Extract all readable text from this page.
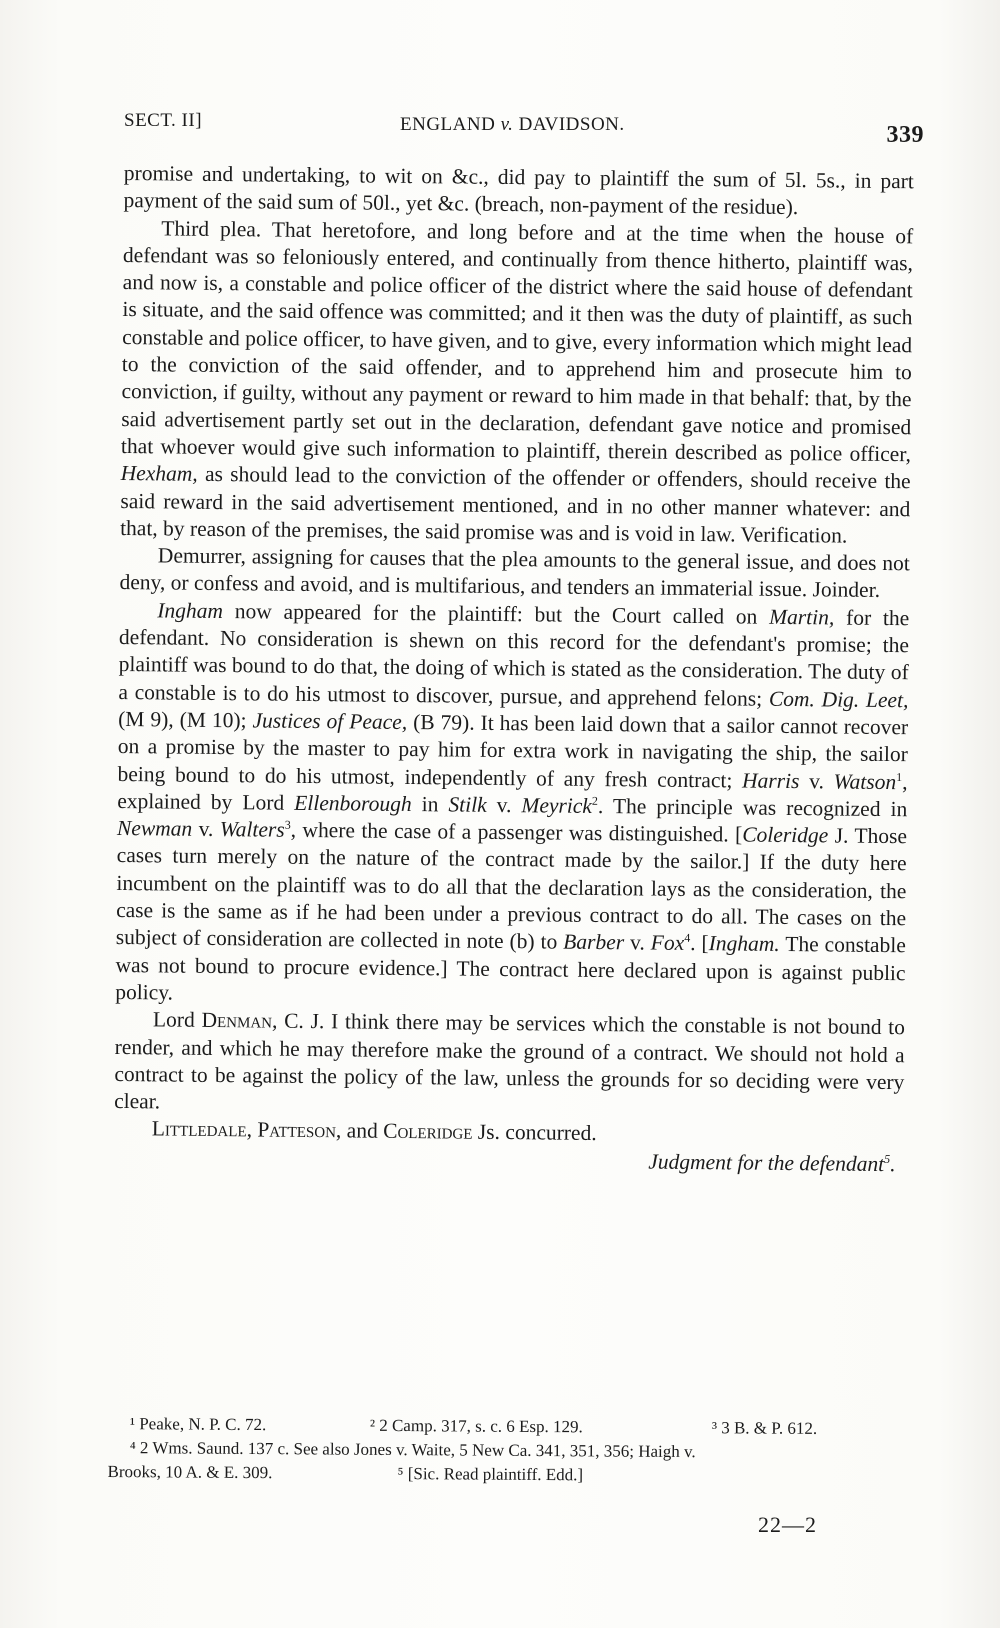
SECT. II]	ENGLAND v. DAVIDSON.	339

promise and undertaking, to wit on &c., did pay to plaintiff the sum of 5l. 5s., in part payment of the said sum of 50l., yet &c. (breach, non-payment of the residue).

Third plea. That heretofore, and long before and at the time when the house of defendant was so feloniously entered, and continually from thence hitherto, plaintiff was, and now is, a constable and police officer of the district where the said house of defendant is situate, and the said offence was committed; and it then was the duty of plaintiff, as such constable and police officer, to have given, and to give, every information which might lead to the conviction of the said offender, and to apprehend him and prosecute him to conviction, if guilty, without any payment or reward to him made in that behalf: that, by the said advertisement partly set out in the declaration, defendant gave notice and promised that whoever would give such information to plaintiff, therein described as police officer, Hexham, as should lead to the conviction of the offender or offenders, should receive the said reward in the said advertisement mentioned, and in no other manner whatever: and that, by reason of the premises, the said promise was and is void in law. Verification.

Demurrer, assigning for causes that the plea amounts to the general issue, and does not deny, or confess and avoid, and is multifarious, and tenders an immaterial issue. Joinder.

Ingham now appeared for the plaintiff: but the Court called on Martin, for the defendant. No consideration is shewn on this record for the defendant's promise; the plaintiff was bound to do that, the doing of which is stated as the consideration. The duty of a constable is to do his utmost to discover, pursue, and apprehend felons; Com. Dig. Leet, (M 9), (M 10); Justices of Peace, (B 79). It has been laid down that a sailor cannot recover on a promise by the master to pay him for extra work in navigating the ship, the sailor being bound to do his utmost, independently of any fresh contract; Harris v. Watson$^1$, explained by Lord Ellenborough in Stilk v. Meyrick$^2$. The principle was recognized in Newman v. Walters$^3$, where the case of a passenger was distinguished. [Coleridge J. Those cases turn merely on the nature of the contract made by the sailor.] If the duty here incumbent on the plaintiff was to do all that the declaration lays as the consideration, the case is the same as if he had been under a previous contract to do all. The cases on the subject of consideration are collected in note (b) to Barber v. Fox$^4$. [Ingham. The constable was not bound to procure evidence.] The contract here declared upon is against public policy.

Lord Denman, C. J. I think there may be services which the constable is not bound to render, and which he may therefore make the ground of a contract. We should not hold a contract to be against the policy of the law, unless the grounds for so deciding were very clear.

Littledale, Patteson, and Coleridge Js. concurred.

Judgment for the defendant$^5$.

¹ Peake, N. P. C. 72.	² 2 Camp. 317, s. c. 6 Esp. 129.	³ 3 B. & P. 612.
⁴ 2 Wms. Saund. 137 c. See also Jones v. Waite, 5 New Ca. 341, 351, 356; Haigh v.
Brooks, 10 A. & E. 309.	⁵ [Sic. Read plaintiff. Edd.]
22—2
